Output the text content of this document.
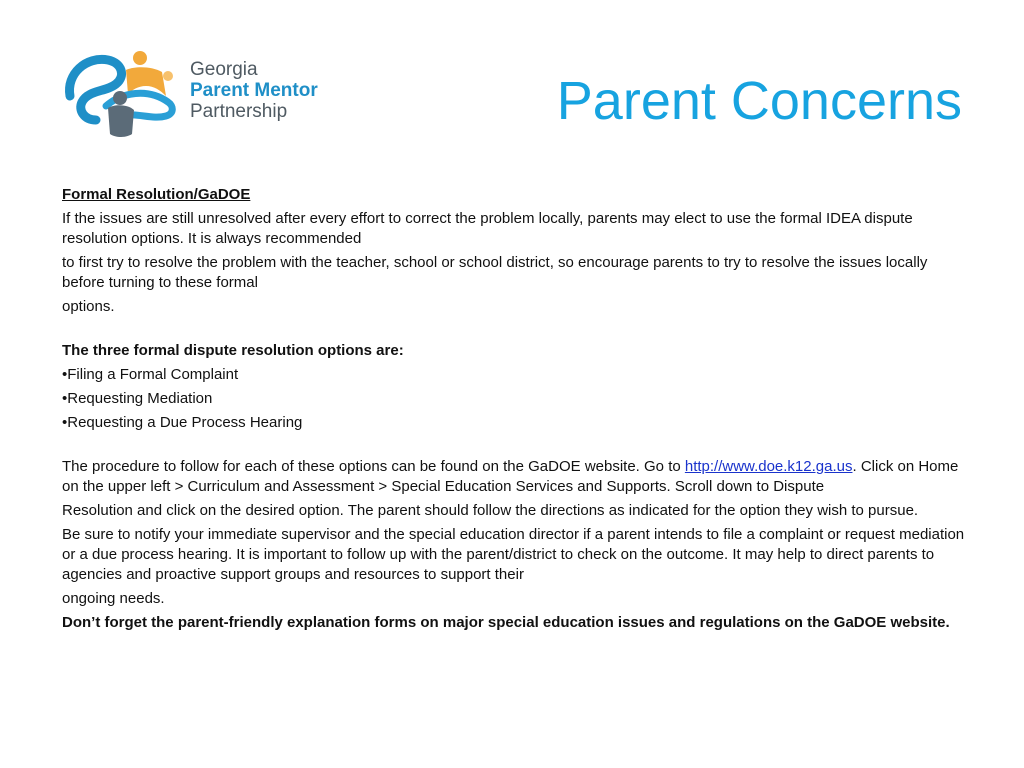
Georgia
Parent Mentor
Partnership	Parent Concerns

Formal Resolution/GaDOE

If the issues are still unresolved after every effort to correct the problem locally, parents may elect to use the formal IDEA dispute resolution options. It is always recommended

to first try to resolve the problem with the teacher, school or school district, so encourage parents to try to resolve the issues locally before turning to these formal

options.

The three formal dispute resolution options are:

•Filing a Formal Complaint
•Requesting Mediation
•Requesting a Due Process Hearing

The procedure to follow for each of these options can be found on the GaDOE website. Go to http://www.doe.k12.ga.us. Click on Home on the upper left > Curriculum and Assessment > Special Education Services and Supports. Scroll down to Dispute

Resolution and click on the desired option. The parent should follow the directions as indicated for the option they wish to pursue.

Be sure to notify your immediate supervisor and the special education director if a parent intends to file a complaint or request mediation or a due process hearing. It is important to follow up with the parent/district to check on the outcome. It may help to direct parents to agencies and proactive support groups and resources to support their

ongoing needs.

Don’t forget the parent-friendly explanation forms on major special education issues and regulations on the GaDOE website.
